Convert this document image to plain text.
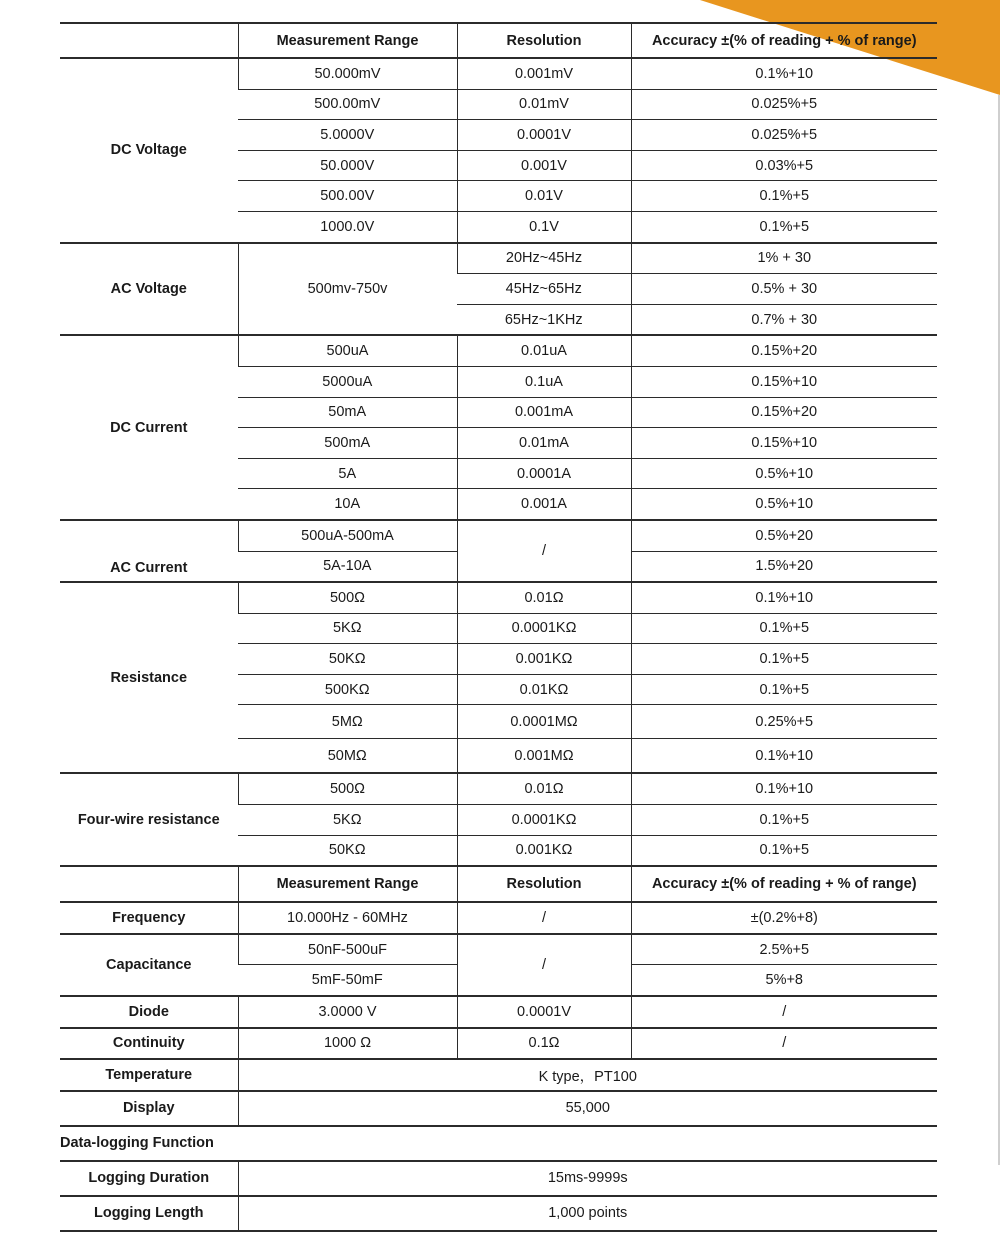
	Measurement Range	Resolution	Accuracy ±(% of reading + % of range)
DC Voltage	50.000mV	0.001mV	0.1%+10
	500.00mV	0.01mV	0.025%+5
	5.0000V	0.0001V	0.025%+5
	50.000V	0.001V	0.03%+5
	500.00V	0.01V	0.1%+5
	1000.0V	0.1V	0.1%+5
AC Voltage	500mv-750v	20Hz~45Hz	1% + 30
		45Hz~65Hz	0.5% + 30
		65Hz~1KHz	0.7% + 30
DC Current	500uA	0.01uA	0.15%+20
	5000uA	0.1uA	0.15%+10
	50mA	0.001mA	0.15%+20
	500mA	0.01mA	0.15%+10
	5A	0.0001A	0.5%+10
	10A	0.001A	0.5%+10
AC Current	500uA-500mA	/	0.5%+20
	5A-10A		1.5%+20
Resistance	500Ω	0.01Ω	0.1%+10
	5KΩ	0.0001KΩ	0.1%+5
	50KΩ	0.001KΩ	0.1%+5
	500KΩ	0.01KΩ	0.1%+5
	5MΩ	0.0001MΩ	0.25%+5
	50MΩ	0.001MΩ	0.1%+10
Four-wire resistance	500Ω	0.01Ω	0.1%+10
	5KΩ	0.0001KΩ	0.1%+5
	50KΩ	0.001KΩ	0.1%+5
	Measurement Range	Resolution	Accuracy ±(% of reading + % of range)
Frequency	10.000Hz - 60MHz	/	±(0.2%+8)
Capacitance	50nF-500uF	/	2.5%+5
	5mF-50mF		5%+8
Diode	3.0000 V	0.0001V	/
Continuity	1000 Ω	0.1Ω	/
Temperature	K type，PT100		
Display	55,000		
Data-logging Function			
Logging Duration	15ms-9999s		
Logging Length	1,000 points		
